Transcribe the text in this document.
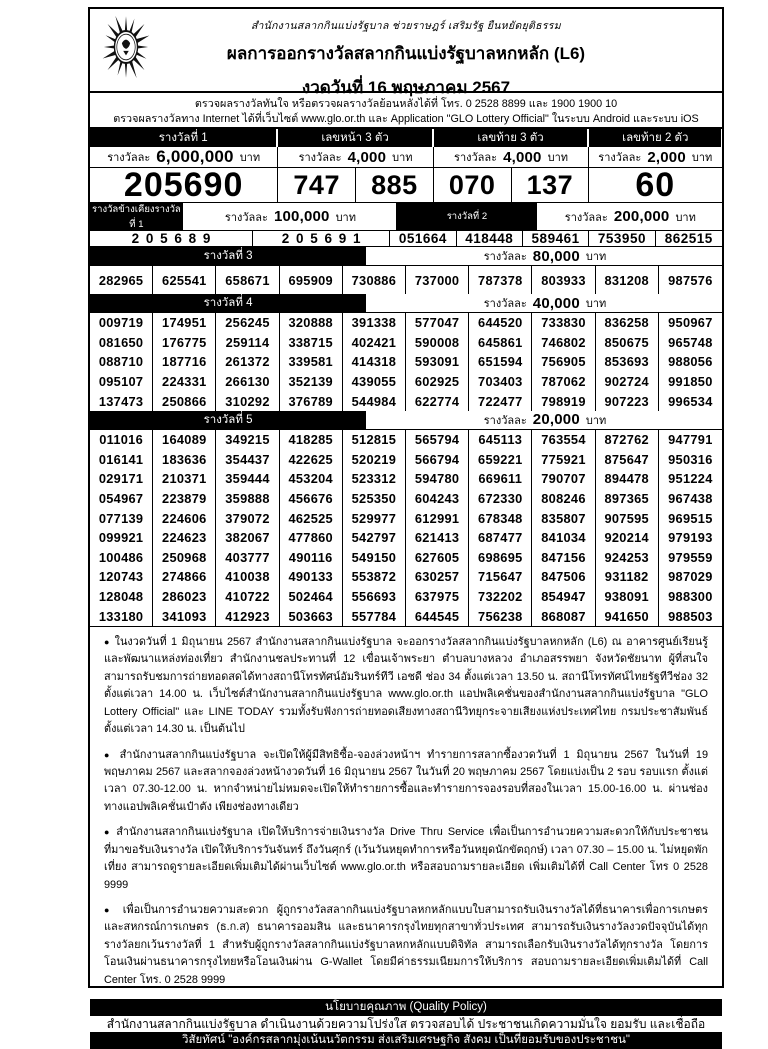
สำนักงานสลากกินแบ่งรัฐบาล ช่วยราษฎร์ เสริมรัฐ ยืนหยัดยุติธรรม
ผลการออกรางวัลสลากกินแบ่งรัฐบาลหกหลัก (L6)
งวดวันที่ 16 พฤษภาคม 2567
ตรวจผลรางวัลทันใจ หรือตรวจผลรางวัลย้อนหลังได้ที่ โทร. 0 2528 8899 และ 1900 1900 10
ตรวจผลรางวัลทาง Internet ได้ที่เว็บไซต์ www.glo.or.th และ Application "GLO Lottery Official" ในระบบ Android และระบบ iOS
รางวัลที่ 1	เลขหน้า 3 ตัว	เลขท้าย 3 ตัว	เลขท้าย 2 ตัว
รางวัลละ 6,000,000 บาท	รางวัลละ 4,000 บาท	รางวัลละ 4,000 บาท	รางวัลละ 2,000 บาท
205690	747	885	070	137	60
รางวัลข้างเคียงรางวัลที่ 1
รางวัลละ 100,000 บาท	รางวัลที่ 2	รางวัลละ 200,000 บาท
205689	205691	051664	418448	589461	753950	862515
รางวัลที่ 3	รางวัลละ 80,000 บาท
282965	625541	658671	695909	730886	737000	787378	803933	831208	987576
รางวัลที่ 4	รางวัลละ 40,000 บาท
009719	174951	256245	320888	391338	577047	644520	733830	836258	950967
081650	176775	259114	338715	402421	590008	645861	746802	850675	965748
088710	187716	261372	339581	414318	593091	651594	756905	853693	988056
095107	224331	266130	352139	439055	602925	703403	787062	902724	991850
137473	250866	310292	376789	544984	622774	722477	798919	907223	996534
รางวัลที่ 5	รางวัลละ 20,000 บาท
011016	164089	349215	418285	512815	565794	645113	763554	872762	947791
016141	183636	354437	422625	520219	566794	659221	775921	875647	950316
029171	210371	359444	453204	523312	594780	669611	790707	894478	951224
054967	223879	359888	456676	525350	604243	672330	808246	897365	967438
077139	224606	379072	462525	529977	612991	678348	835807	907595	969515
099921	224623	382067	477860	542797	621413	687477	841034	920214	979193
100486	250968	403777	490116	549150	627605	698695	847156	924253	979559
120743	274866	410038	490133	553872	630257	715647	847506	931182	987029
128048	286023	410722	502464	556693	637975	732202	854947	938091	988300
133180	341093	412923	503663	557784	644545	756238	868087	941650	988503

● ในงวดวันที่ 1 มิถุนายน 2567 สำนักงานสลากกินแบ่งรัฐบาล จะออกรางวัลสลากกินแบ่งรัฐบาลหกหลัก (L6) ณ อาคารศูนย์เรียนรู้และพัฒนาแหล่งท่องเที่ยว สำนักงานชลประทานที่ 12 เขื่อนเจ้าพระยา ตำบลบางหลวง อำเภอสรรพยา จังหวัดชัยนาท ผู้ที่สนใจสามารถรับชมการถ่ายทอดสดได้ทางสถานีโทรทัศน์อัมรินทร์ทีวี เอชดี ช่อง 34 ตั้งแต่เวลา 13.50 น. สถานีโทรทัศน์ไทยรัฐทีวีช่อง 32 ตั้งแต่เวลา 14.00 น. เว็บไซต์สำนักงานสลากกินแบ่งรัฐบาล www.glo.or.th แอปพลิเคชั่นของสำนักงานสลากกินแบ่งรัฐบาล "GLO Lottery Official" และ LINE TODAY รวมทั้งรับฟังการถ่ายทอดเสียงทางสถานีวิทยุกระจายเสียงแห่งประเทศไทย กรมประชาสัมพันธ์ ตั้งแต่เวลา 14.30 น. เป็นต้นไป

● สำนักงานสลากกินแบ่งรัฐบาล จะเปิดให้ผู้มีสิทธิซื้อ-จองล่วงหน้าฯ ทำรายการสลากซื้องวดวันที่ 1 มิถุนายน 2567 ในวันที่ 19 พฤษภาคม 2567 และสลากจองล่วงหน้างวดวันที่ 16 มิถุนายน 2567 ในวันที่ 20 พฤษภาคม 2567 โดยแบ่งเป็น 2 รอบ รอบแรก ตั้งแต่เวลา 07.30-12.00 น. หากจำหน่ายไม่หมดจะเปิดให้ทำรายการซื้อและทำรายการจองรอบที่สองในเวลา 15.00-16.00 น. ผ่านช่องทางแอปพลิเคชั่นเป๋าตัง เพียงช่องทางเดียว

● สำนักงานสลากกินแบ่งรัฐบาล เปิดให้บริการจ่ายเงินรางวัล Drive Thru Service เพื่อเป็นการอำนวยความสะดวกให้กับประชาชนที่มาขอรับเงินรางวัล เปิดให้บริการวันจันทร์ ถึงวันศุกร์ (เว้นวันหยุดทำการหรือวันหยุดนักขัตฤกษ์) เวลา 07.30 – 15.00 น. ไม่หยุดพักเที่ยง สามารถดูรายละเอียดเพิ่มเติมได้ผ่านเว็บไซต์ www.glo.or.th หรือสอบถามรายละเอียด เพิ่มเติมได้ที่ Call Center โทร 0 2528 9999

● เพื่อเป็นการอำนวยความสะดวก ผู้ถูกรางวัลสลากกินแบ่งรัฐบาลหกหลักแบบใบสามารถรับเงินรางวัลได้ที่ธนาคารเพื่อการเกษตรและสหกรณ์การเกษตร (ธ.ก.ส) ธนาคารออมสิน และธนาคารกรุงไทยทุกสาขาทั่วประเทศ สามารถรับเงินรางวัลงวดปัจจุบันได้ทุกรางวัลยกเว้นรางวัลที่ 1 สำหรับผู้ถูกรางวัลสลากกินแบ่งรัฐบาลหกหลักแบบดิจิทัล สามารถเลือกรับเงินรางวัลได้ทุกรางวัล โดยการโอนเงินผ่านธนาคารกรุงไทยหรือโอนเงินผ่าน G-Wallet โดยมีค่าธรรมเนียมการให้บริการ สอบถามรายละเอียดเพิ่มเติมได้ที่ Call Center โทร. 0 2528 9999

นโยบายคุณภาพ (Quality Policy)
สำนักงานสลากกินแบ่งรัฐบาล ดำเนินงานด้วยความโปร่งใส ตรวจสอบได้ ประชาชนเกิดความมั่นใจ ยอมรับ และเชื่อถือ
วิสัยทัศน์ "องค์กรสลากมุ่งเน้นนวัตกรรม ส่งเสริมเศรษฐกิจ สังคม เป็นที่ยอมรับของประชาชน"
